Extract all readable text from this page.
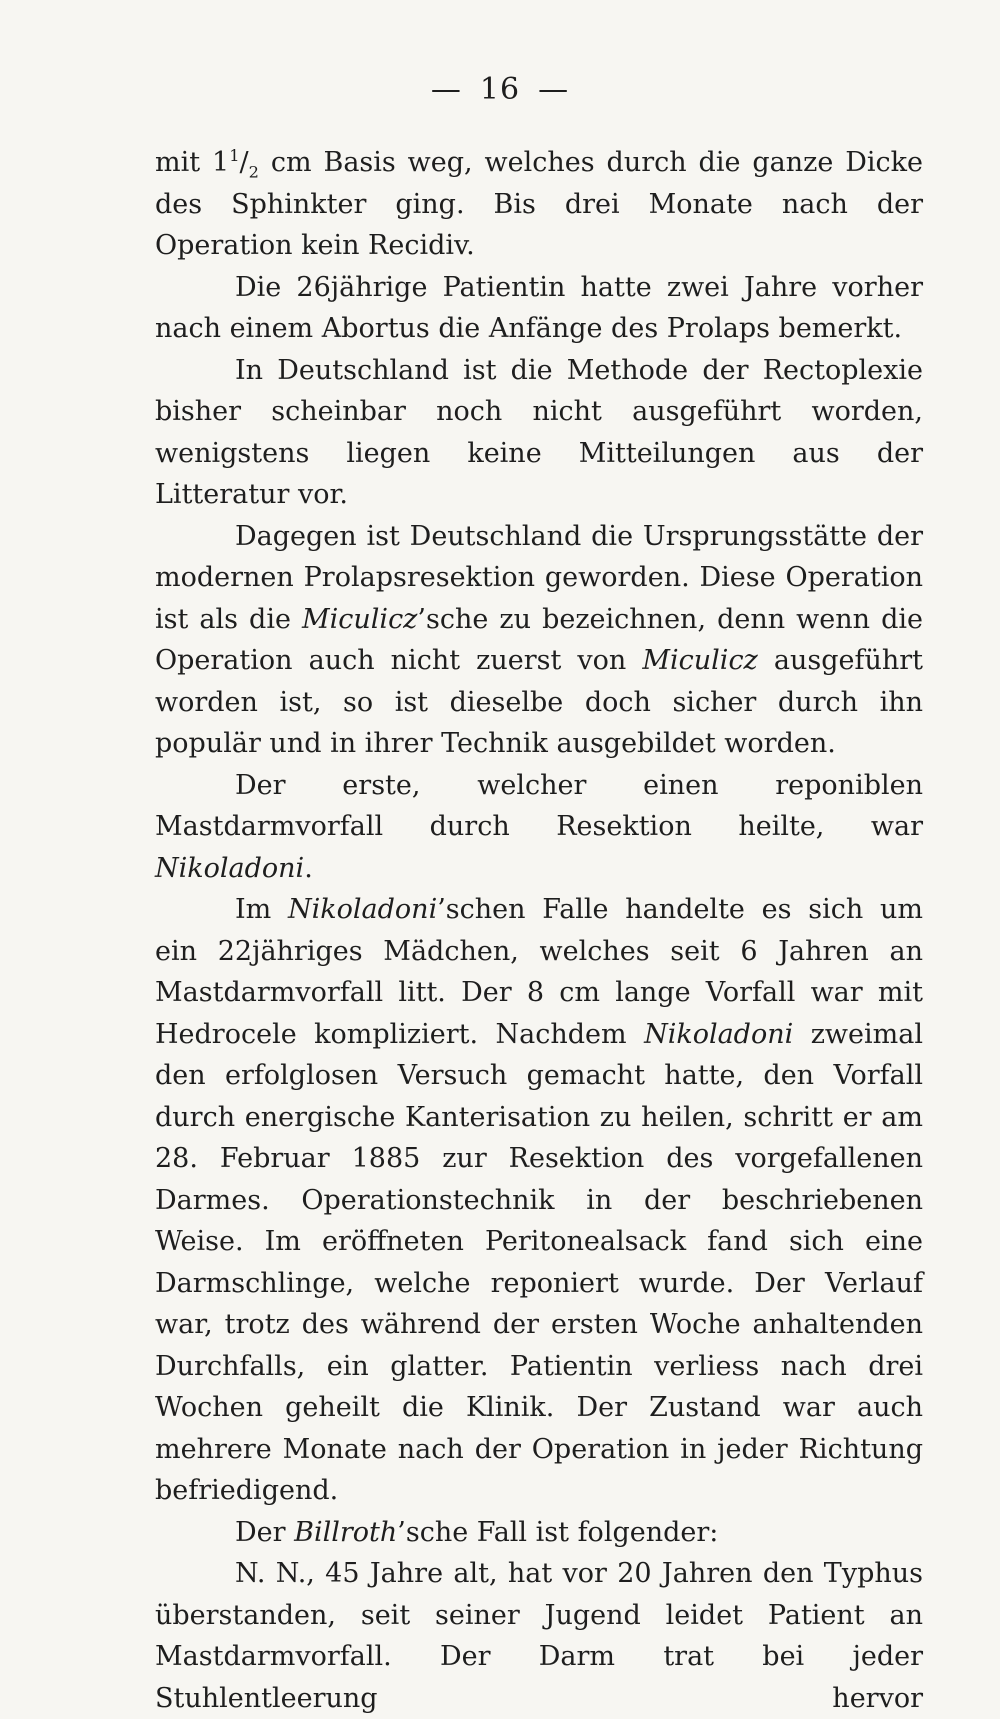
— 16 —

mit $1^1/_2$ cm Basis weg, welches durch die ganze Dicke des Sphinkter ging. Bis drei Monate nach der Operation kein Recidiv.

Die 26jährige Patientin hatte zwei Jahre vorher nach einem Abortus die Anfänge des Prolaps bemerkt.

In Deutschland ist die Methode der Rectoplexie bisher scheinbar noch nicht ausgeführt worden, wenigstens liegen keine Mitteilungen aus der Litteratur vor.

Dagegen ist Deutschland die Ursprungsstätte der modernen Prolapsresektion geworden. Diese Operation ist als die Miculicz’sche zu bezeichnen, denn wenn die Operation auch nicht zuerst von Miculicz ausgeführt worden ist, so ist dieselbe doch sicher durch ihn populär und in ihrer Technik ausgebildet worden.

Der erste, welcher einen reponiblen Mastdarmvorfall durch Resektion heilte, war Nikoladoni.

Im Nikoladoni’schen Falle handelte es sich um ein 22jähriges Mädchen, welches seit 6 Jahren an Mastdarmvorfall litt. Der 8 cm lange Vorfall war mit Hedrocele kompliziert. Nachdem Nikoladoni zweimal den erfolglosen Versuch gemacht hatte, den Vorfall durch energische Kanterisation zu heilen, schritt er am 28. Februar 1885 zur Resektion des vorgefallenen Darmes. Operationstechnik in der beschriebenen Weise. Im eröffneten Peritonealsack fand sich eine Darmschlinge, welche reponiert wurde. Der Verlauf war, trotz des während der ersten Woche anhaltenden Durchfalls, ein glatter. Patientin verliess nach drei Wochen geheilt die Klinik. Der Zustand war auch mehrere Monate nach der Operation in jeder Richtung befriedigend.

Der Billroth’sche Fall ist folgender:

N. N., 45 Jahre alt, hat vor 20 Jahren den Typhus überstanden, seit seiner Jugend leidet Patient an Mastdarmvorfall. Der Darm trat bei jeder Stuhlentleerung hervor
